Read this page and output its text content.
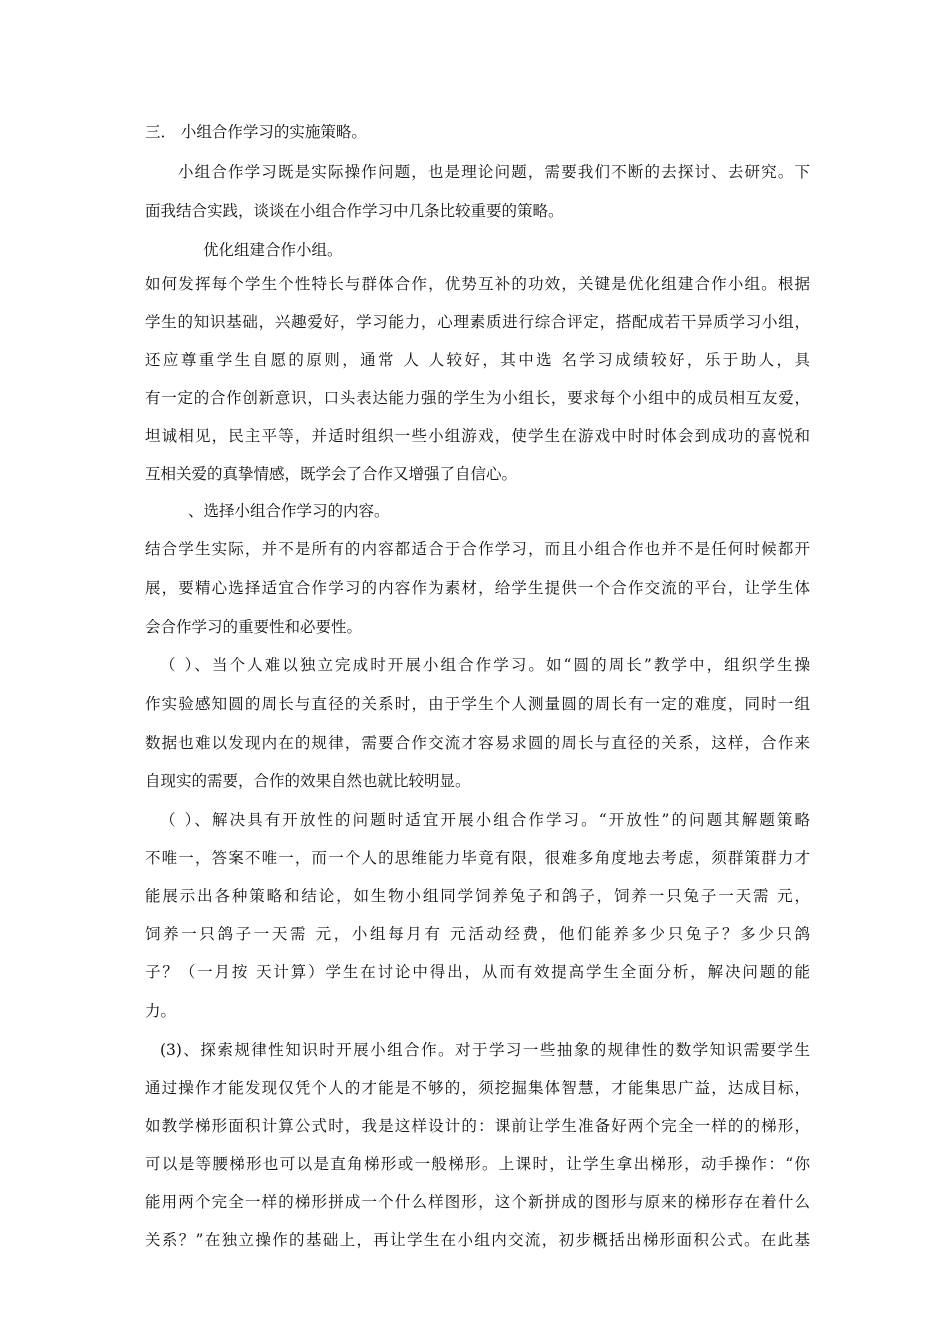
三． 小组合作学习的实施策略。
小组合作学习既是实际操作问题，也是理论问题，需要我们不断的去探讨、去研究。下
面我结合实践，谈谈在小组合作学习中几条比较重要的策略。
优化组建合作小组。
如何发挥每个学生个性特长与群体合作，优势互补的功效，关键是优化组建合作小组。根据
学生的知识基础，兴趣爱好，学习能力，心理素质进行综合评定，搭配成若干异质学习小组，
还应尊重学生自愿的原则，通常 人 人较好，其中选 名学习成绩较好，乐于助人，具
有一定的合作创新意识，口头表达能力强的学生为小组长，要求每个小组中的成员相互友爱，
坦诚相见，民主平等，并适时组织一些小组游戏，使学生在游戏中时时体会到成功的喜悦和
互相关爱的真挚情感，既学会了合作又增强了自信心。
、选择小组合作学习的内容。
结合学生实际，并不是所有的内容都适合于合作学习，而且小组合作也并不是任何时候都开
展，要精心选择适宜合作学习的内容作为素材，给学生提供一个合作交流的平台，让学生体
会合作学习的重要性和必要性。
（ ）、当个人难以独立完成时开展小组合作学习。如“圆的周长”教学中，组织学生操
作实验感知圆的周长与直径的关系时，由于学生个人测量圆的周长有一定的难度，同时一组
数据也难以发现内在的规律，需要合作交流才容易求圆的周长与直径的关系，这样，合作来
自现实的需要，合作的效果自然也就比较明显。
（ ）、解决具有开放性的问题时适宜开展小组合作学习。“开放性”的问题其解题策略
不唯一，答案不唯一，而一个人的思维能力毕竟有限，很难多角度地去考虑，须群策群力才
能展示出各种策略和结论，如生物小组同学饲养兔子和鸽子，饲养一只兔子一天需 元，
饲养一只鸽子一天需 元，小组每月有 元活动经费，他们能养多少只兔子？多少只鸽
子？（一月按 天计算）学生在讨论中得出，从而有效提高学生全面分析，解决问题的能
力。
(3)、探索规律性知识时开展小组合作。对于学习一些抽象的规律性的数学知识需要学生
通过操作才能发现仅凭个人的才能是不够的，须挖掘集体智慧，才能集思广益，达成目标，
如教学梯形面积计算公式时，我是这样设计的：课前让学生准备好两个完全一样的的梯形，
可以是等腰梯形也可以是直角梯形或一般梯形。上课时，让学生拿出梯形，动手操作：“你
能用两个完全一样的梯形拼成一个什么样图形，这个新拼成的图形与原来的梯形存在着什么
关系？”在独立操作的基础上，再让学生在小组内交流，初步概括出梯形面积公式。在此基
